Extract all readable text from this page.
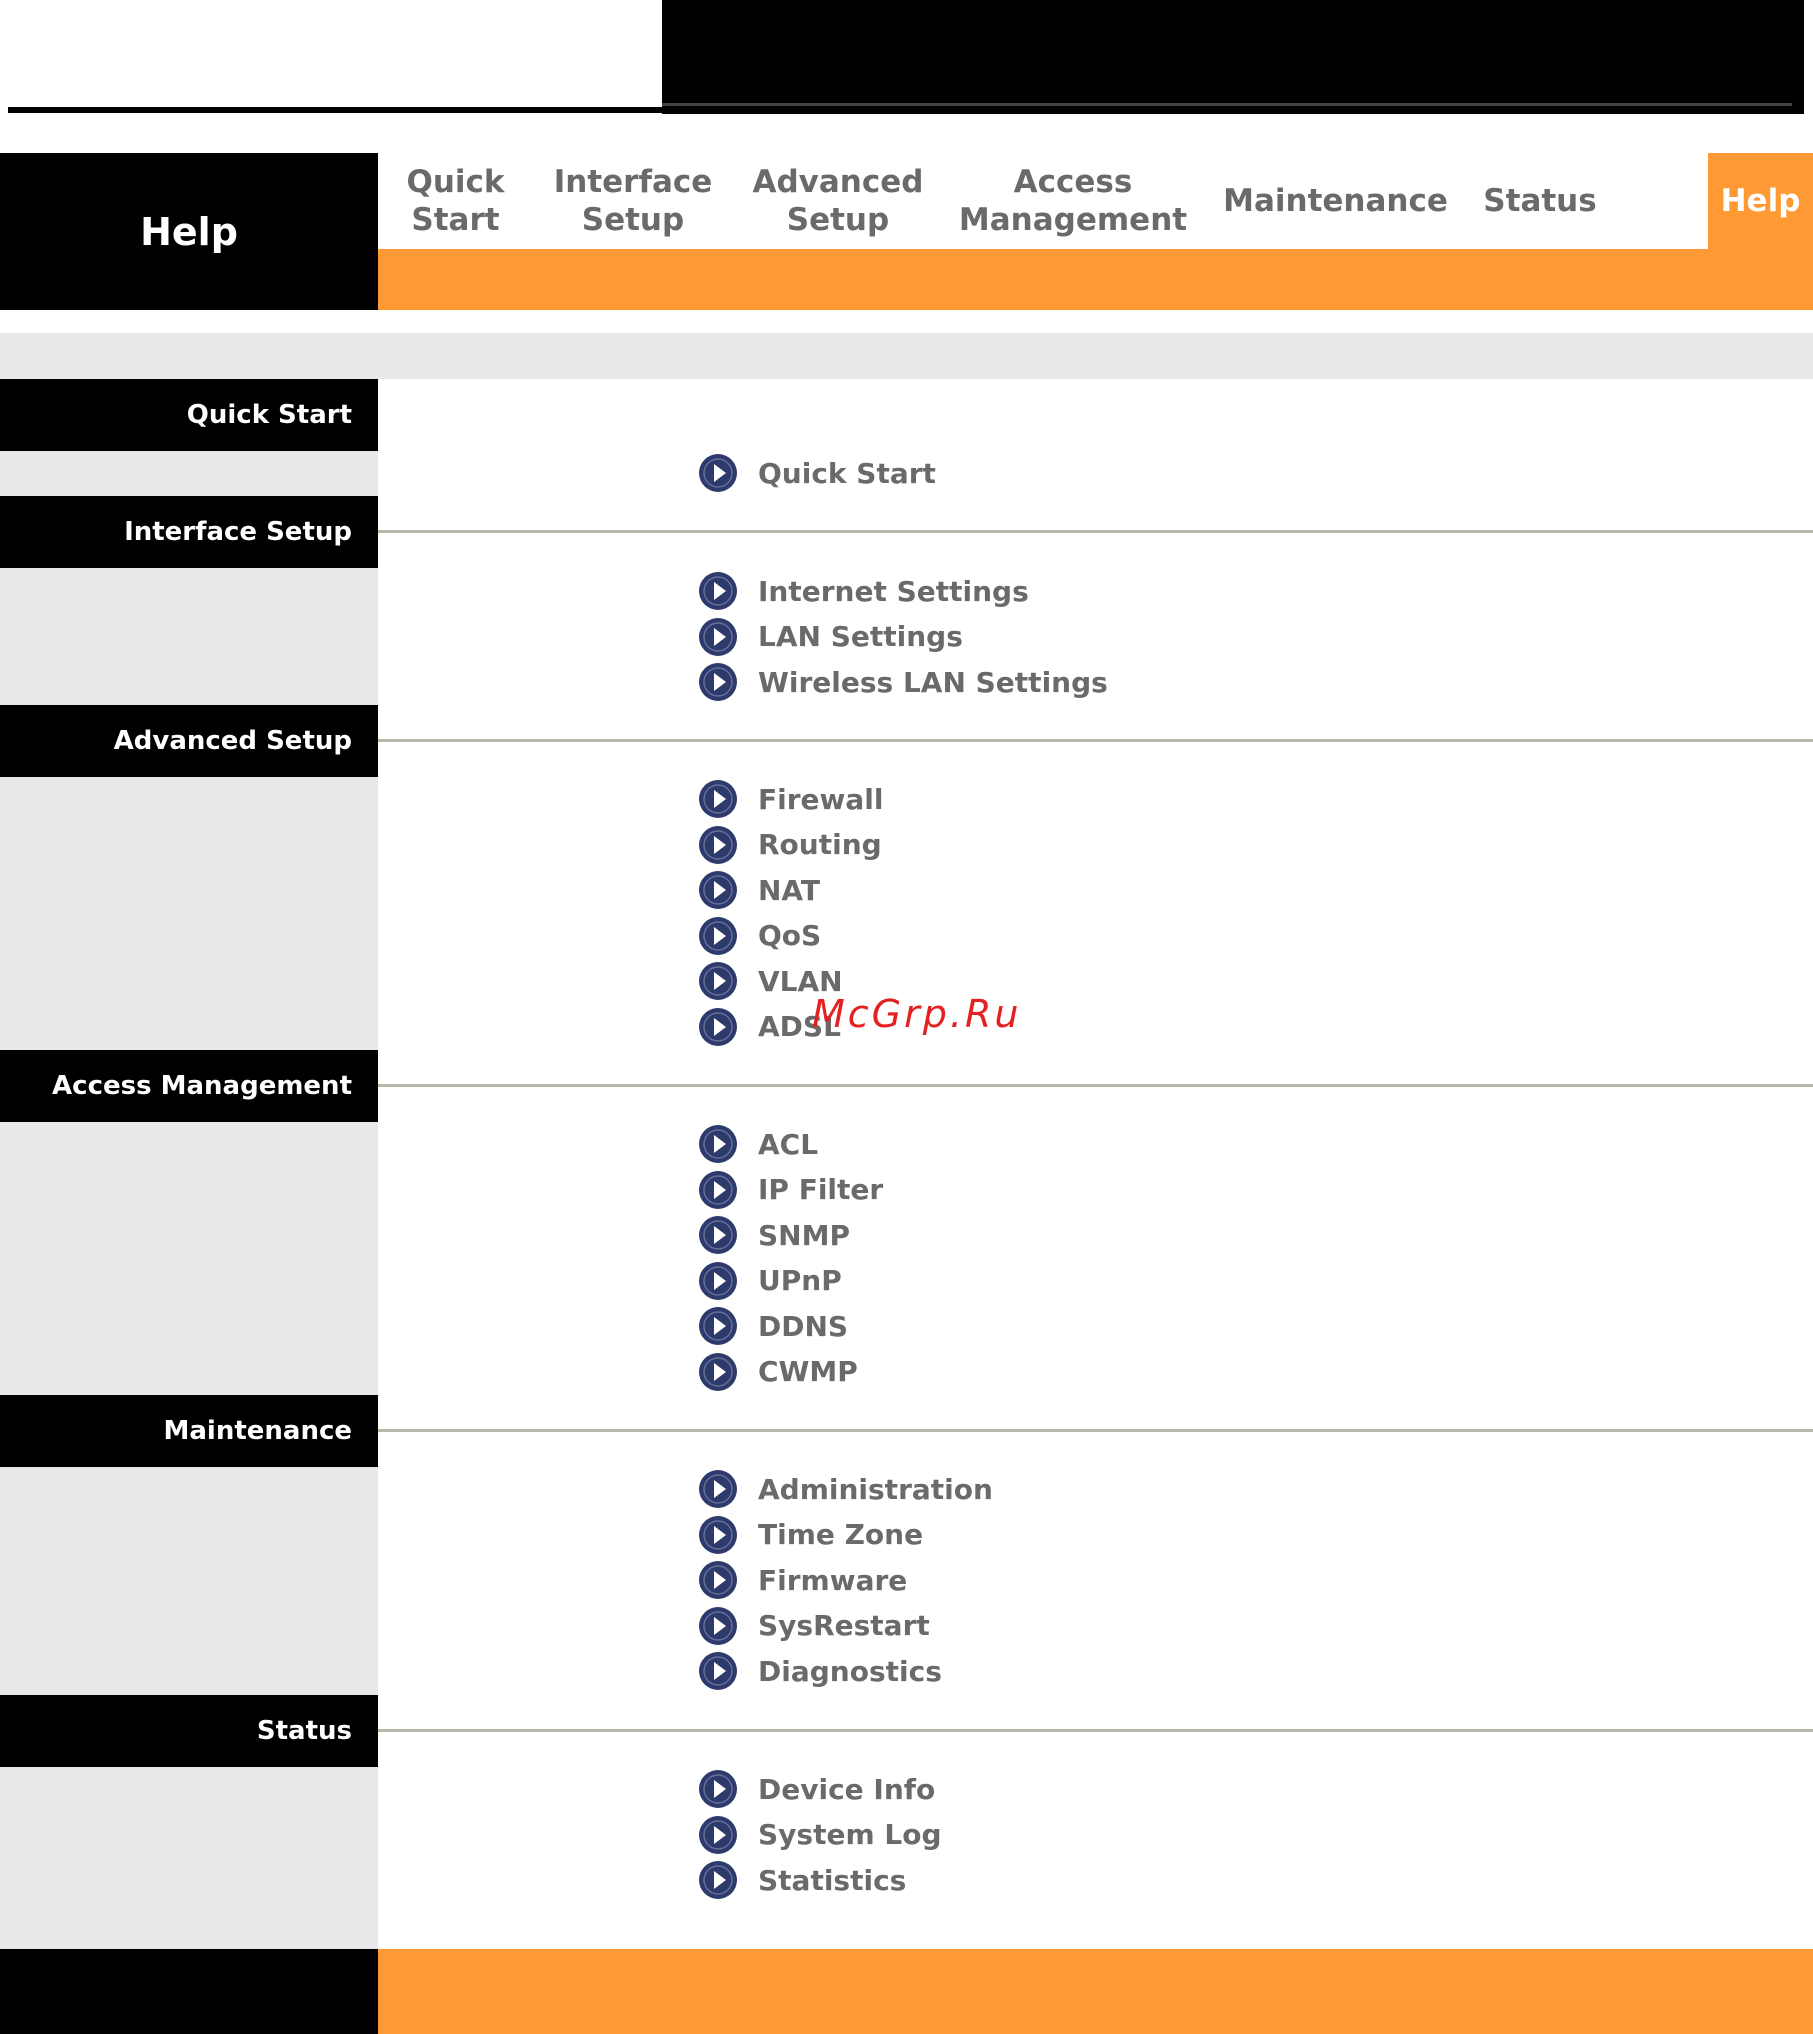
Help
Quick
Start
Interface
Setup
Advanced
Setup
Access
Management
Maintenance Status	Help
Quick Start
Quick Start
Interface Setup
Internet Settings
LAN Settings
Wireless LAN Settings
Advanced Setup
Firewall
Routing
NAT
QoS
VLAN
ADSL
Access Management
ACL
IP Filter
SNMP
UPnP
DDNS
CWMP
Maintenance
Administration
Time Zone
Firmware
SysRestart
Diagnostics
Status
Device Info
System Log
Statistics
McGrp.Ru
